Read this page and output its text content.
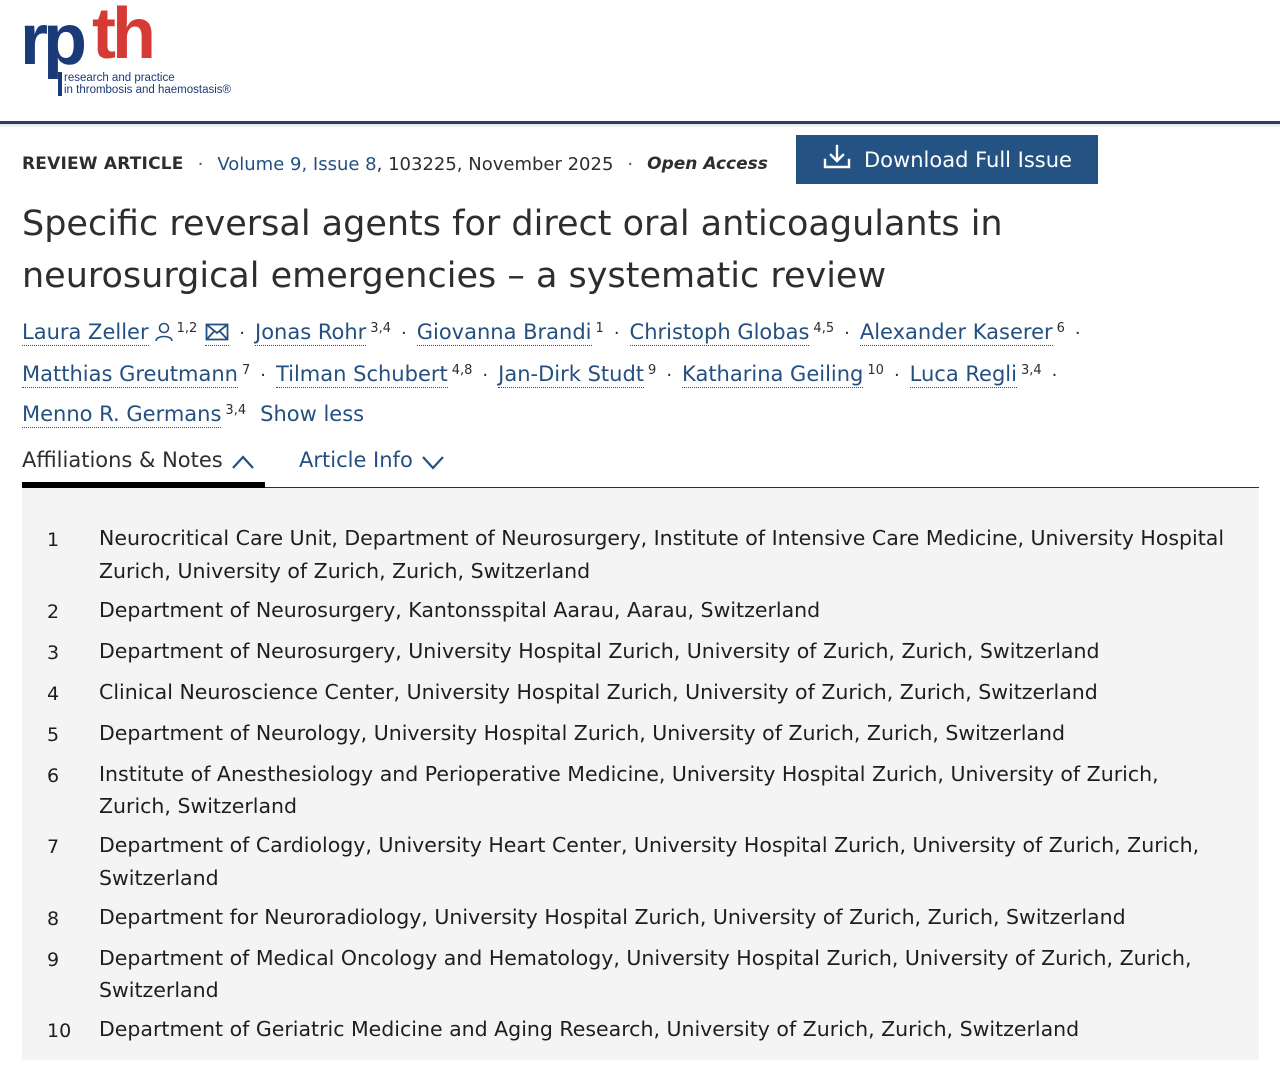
rp th
research and practice
in thrombosis and haemostasis®
REVIEW ARTICLE · Volume 9, Issue 8 , 103225, November 2025 · Open Access	Download Full Issue
Specific reversal agents for direct oral anticoagulants in neurosurgical emergencies – a systematic review
Laura Zeller $^{1,2}$ · Jonas Rohr $^{3,4}$ · Giovanna Brandi $^1$ · Christoph Globas $^{4,5}$ · Alexander Kaserer $^6$ ·
Matthias Greutmann $^7$ · Tilman Schubert $^{4,8}$ · Jan-Dirk Studt $^9$ · Katharina Geiling $^{10}$ · Luca Regli $^{3,4}$ ·
Menno R. Germans $^{3,4}$ Show less
Affiliations & Notes	Article Info
1	Neurocritical Care Unit, Department of Neurosurgery, Institute of Intensive Care Medicine, University Hospital Zurich, University of Zurich, Zurich, Switzerland
2	Department of Neurosurgery, Kantonsspital Aarau, Aarau, Switzerland
3	Department of Neurosurgery, University Hospital Zurich, University of Zurich, Zurich, Switzerland
4	Clinical Neuroscience Center, University Hospital Zurich, University of Zurich, Zurich, Switzerland
5	Department of Neurology, University Hospital Zurich, University of Zurich, Zurich, Switzerland
6	Institute of Anesthesiology and Perioperative Medicine, University Hospital Zurich, University of Zurich, Zurich, Switzerland
7	Department of Cardiology, University Heart Center, University Hospital Zurich, University of Zurich, Zurich, Switzerland
8	Department for Neuroradiology, University Hospital Zurich, University of Zurich, Zurich, Switzerland
9	Department of Medical Oncology and Hematology, University Hospital Zurich, University of Zurich, Zurich, Switzerland
10	Department of Geriatric Medicine and Aging Research, University of Zurich, Zurich, Switzerland
